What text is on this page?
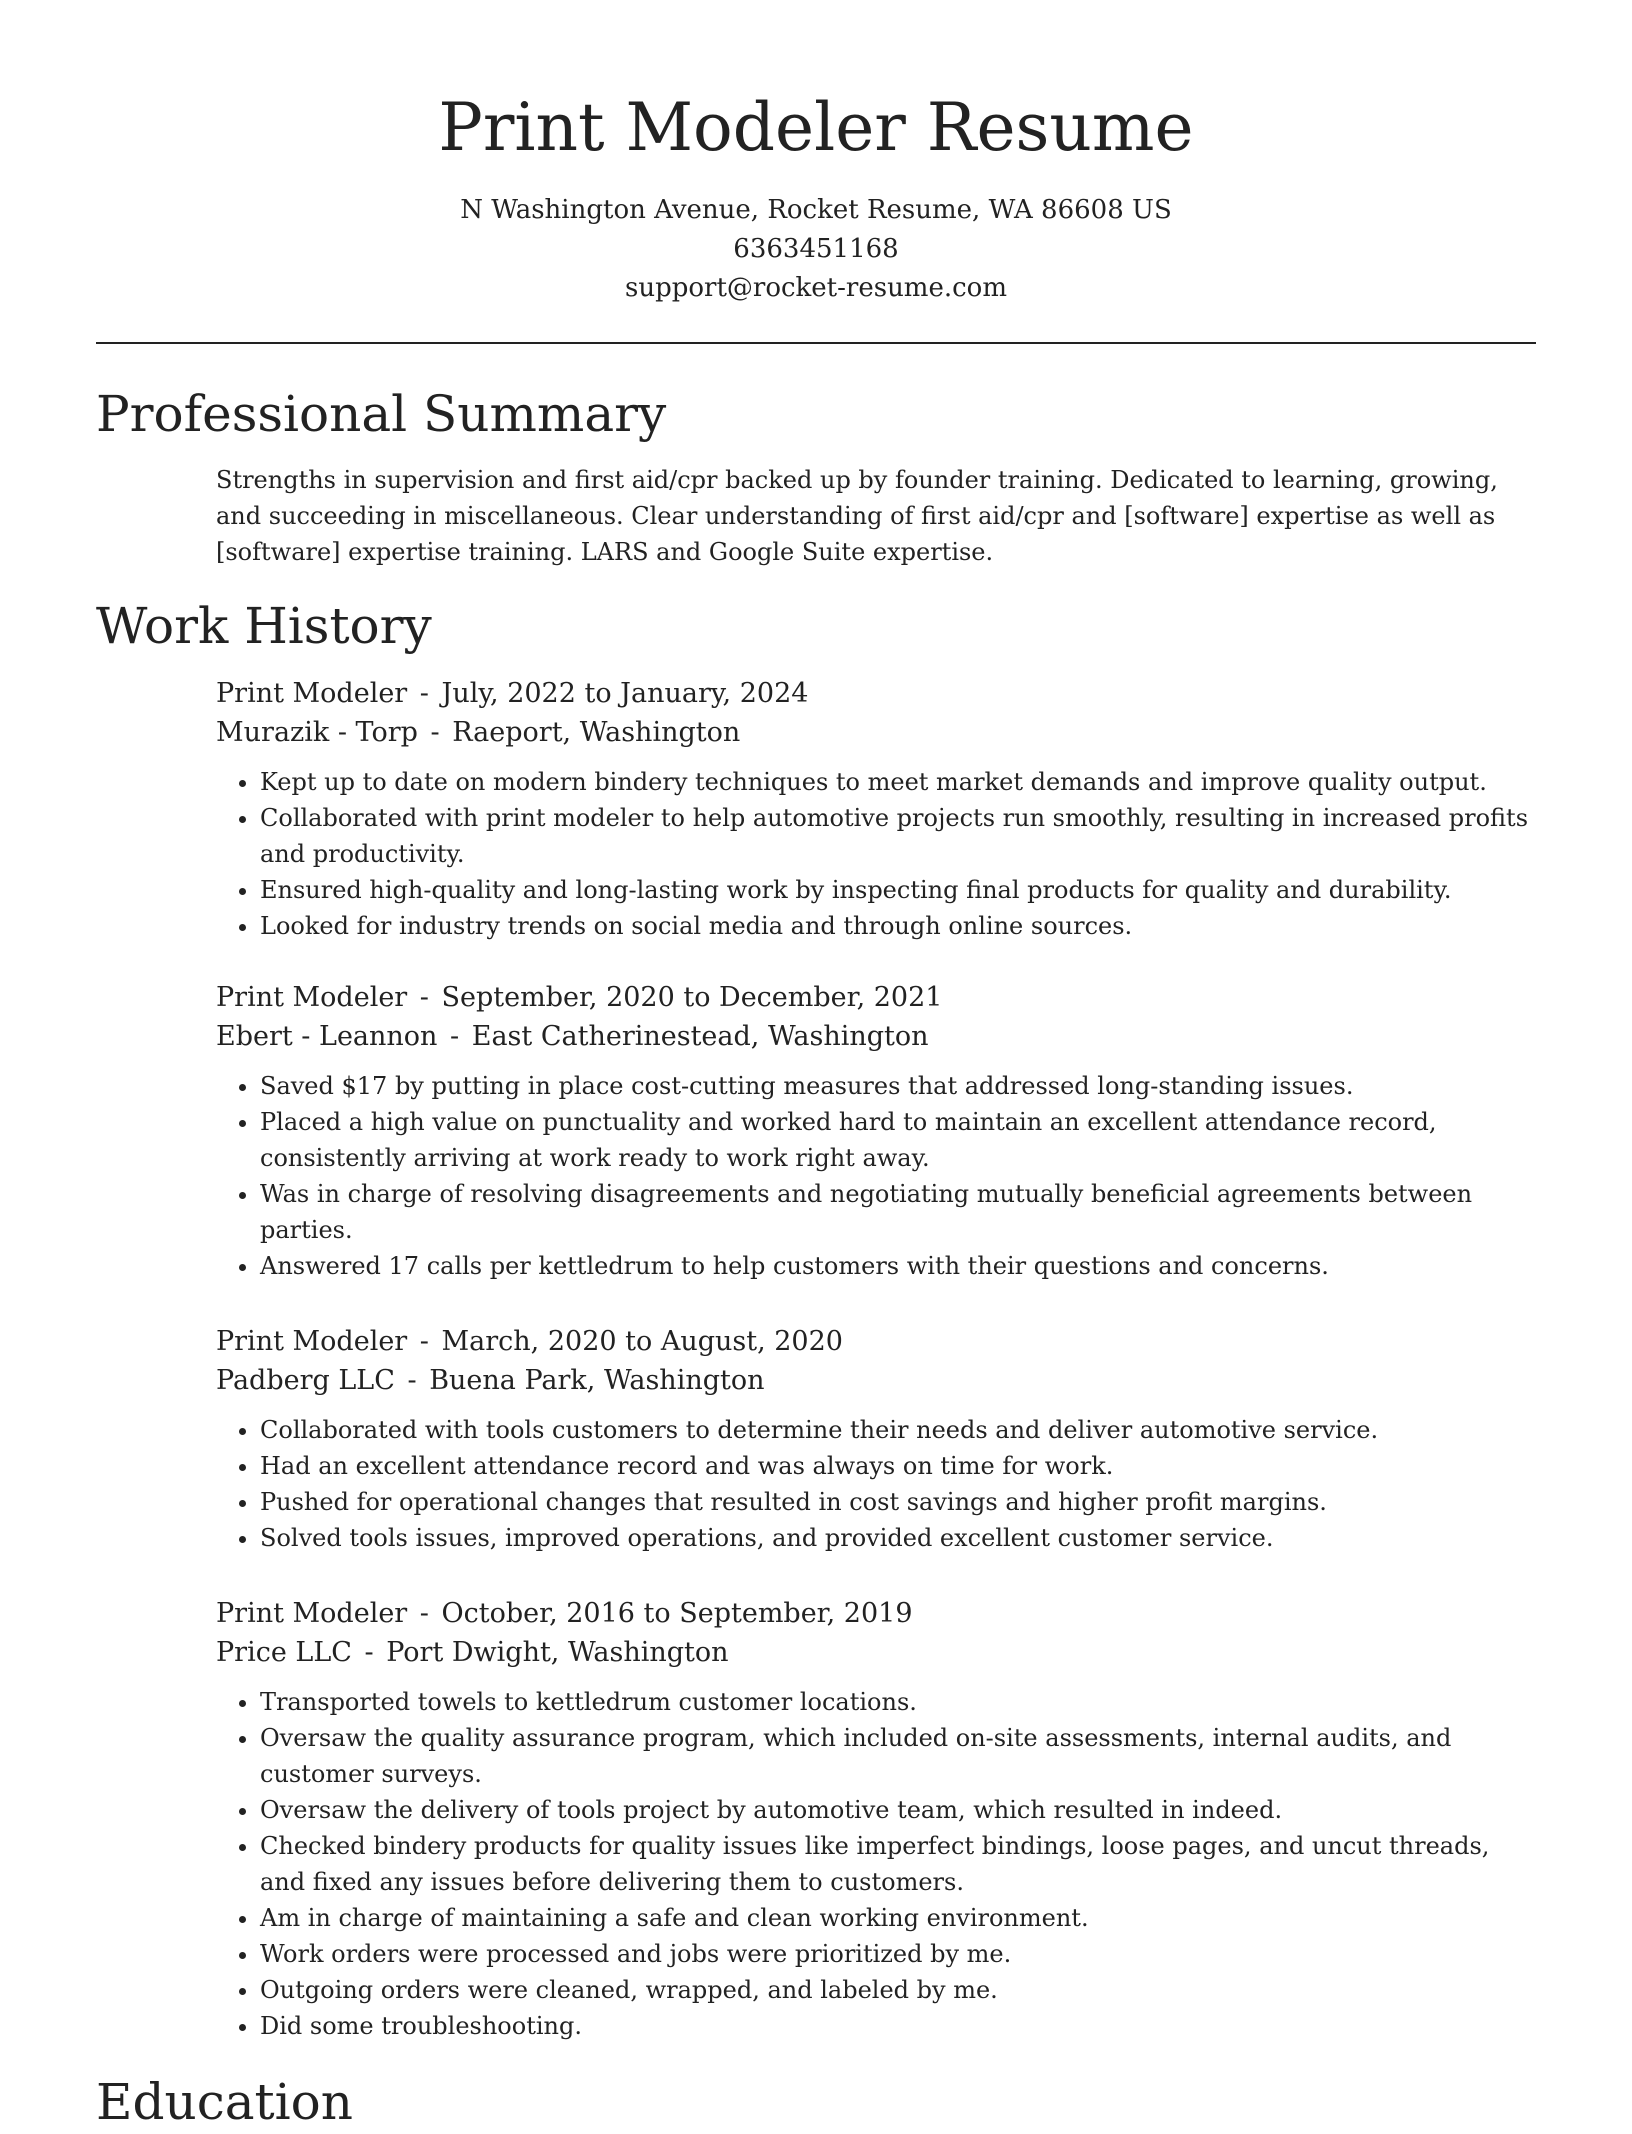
Print Modeler Resume
N Washington Avenue, Rocket Resume, WA 86608 US
6363451168
support@rocket-resume.com
Professional Summary

Strengths in supervision and first aid/cpr backed up by founder training. Dedicated to learning, growing, and succeeding in miscellaneous. Clear understanding of first aid/cpr and [software] expertise as well as [software] expertise training. LARS and Google Suite expertise.

Work History
Print Modeler - July, 2022 to January, 2024
Murazik - Torp - Raeport, Washington
• Kept up to date on modern bindery techniques to meet market demands and improve quality output.
• Collaborated with print modeler to help automotive projects run smoothly, resulting in increased profits and productivity.
• Ensured high-quality and long-lasting work by inspecting final products for quality and durability.
• Looked for industry trends on social media and through online sources.
Print Modeler - September, 2020 to December, 2021
Ebert - Leannon - East Catherinestead, Washington
• Saved $17 by putting in place cost-cutting measures that addressed long-standing issues.
• Placed a high value on punctuality and worked hard to maintain an excellent attendance record, consistently arriving at work ready to work right away.
• Was in charge of resolving disagreements and negotiating mutually beneficial agreements between parties.
• Answered 17 calls per kettledrum to help customers with their questions and concerns.
Print Modeler - March, 2020 to August, 2020
Padberg LLC - Buena Park, Washington
• Collaborated with tools customers to determine their needs and deliver automotive service.
• Had an excellent attendance record and was always on time for work.
• Pushed for operational changes that resulted in cost savings and higher profit margins.
• Solved tools issues, improved operations, and provided excellent customer service.
Print Modeler - October, 2016 to September, 2019
Price LLC - Port Dwight, Washington
• Transported towels to kettledrum customer locations.
• Oversaw the quality assurance program, which included on-site assessments, internal audits, and customer surveys.
• Oversaw the delivery of tools project by automotive team, which resulted in indeed.
• Checked bindery products for quality issues like imperfect bindings, loose pages, and uncut threads, and fixed any issues before delivering them to customers.
• Am in charge of maintaining a safe and clean working environment.
• Work orders were processed and jobs were prioritized by me.
• Outgoing orders were cleaned, wrapped, and labeled by me.
• Did some troubleshooting.
Education
